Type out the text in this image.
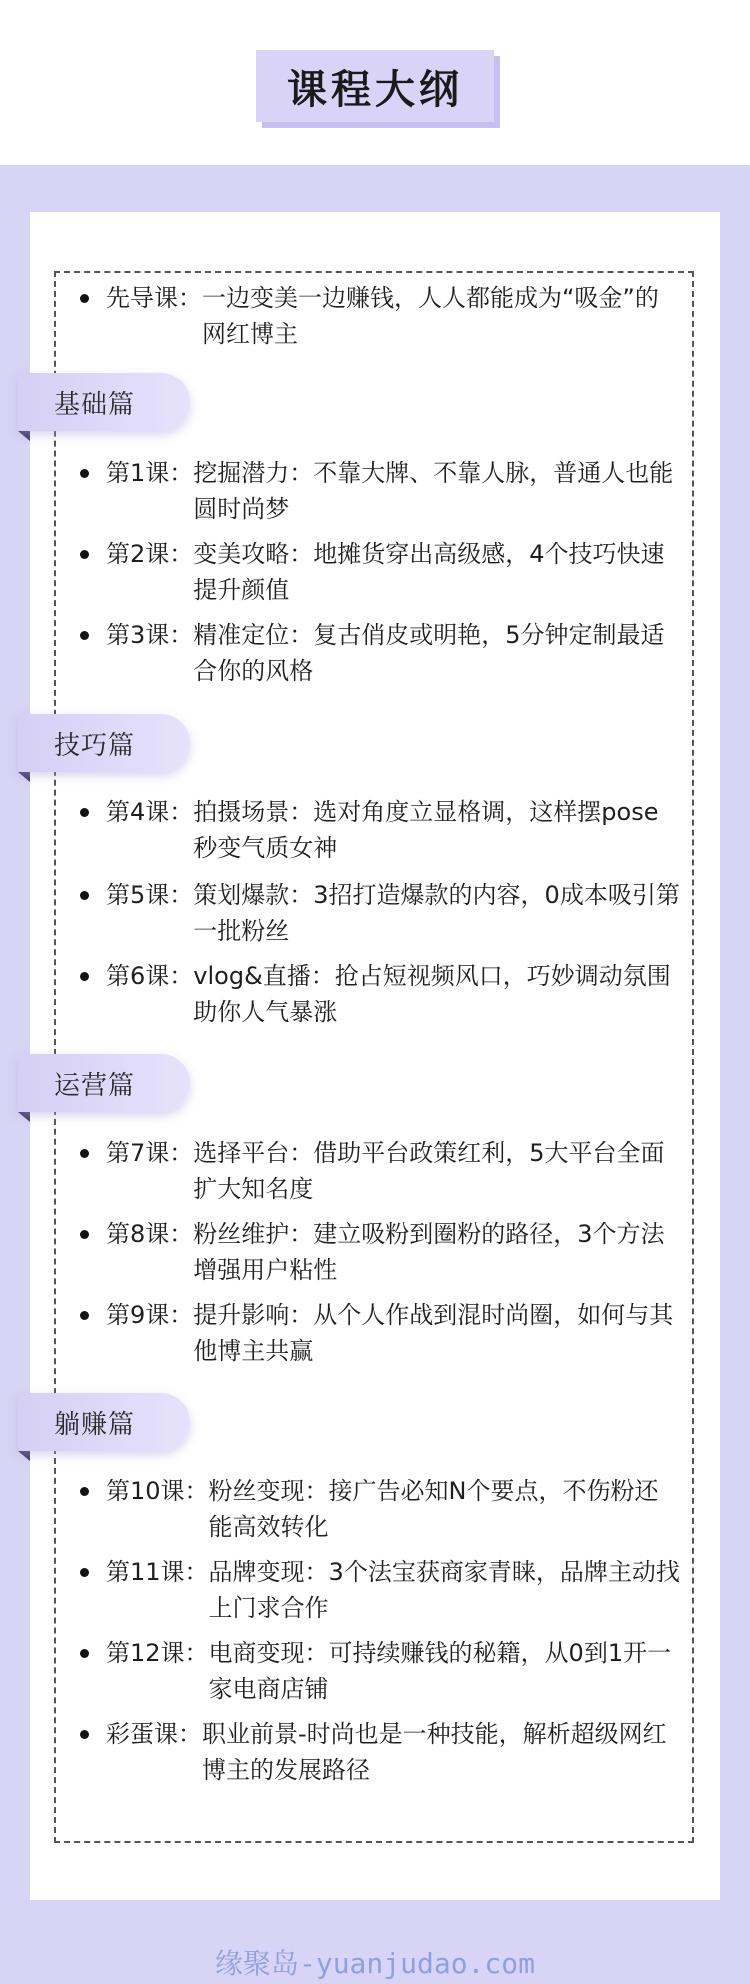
课程大纲
先导课： 一边变美一边赚钱，人人都能成为“吸金”的网红博主
基础篇
第1课： 挖掘潜力：不靠大牌、不靠人脉，普通人也能圆时尚梦
第2课： 变美攻略：地摊货穿出高级感，4个技巧快速提升颜值
第3课： 精准定位：复古俏皮或明艳，5分钟定制最适合你的风格
技巧篇
第4课： 拍摄场景：选对角度立显格调，这样摆pose秒变气质女神
第5课： 策划爆款：3招打造爆款的内容，0成本吸引第一批粉丝
第6课： vlog&直播：抢占短视频风口，巧妙调动氛围助你人气暴涨
运营篇
第7课： 选择平台：借助平台政策红利，5大平台全面扩大知名度
第8课： 粉丝维护：建立吸粉到圈粉的路径，3个方法增强用户粘性
第9课： 提升影响：从个人作战到混时尚圈，如何与其他博主共赢
躺赚篇
第10课： 粉丝变现：接广告必知N个要点，不伤粉还能高效转化
第11课： 品牌变现：3个法宝获商家青睐，品牌主动找上门求合作
第12课： 电商变现：可持续赚钱的秘籍，从0到1开一家电商店铺
彩蛋课： 职业前景-时尚也是一种技能，解析超级网红博主的发展路径
缘聚岛-yuanjudao.com
